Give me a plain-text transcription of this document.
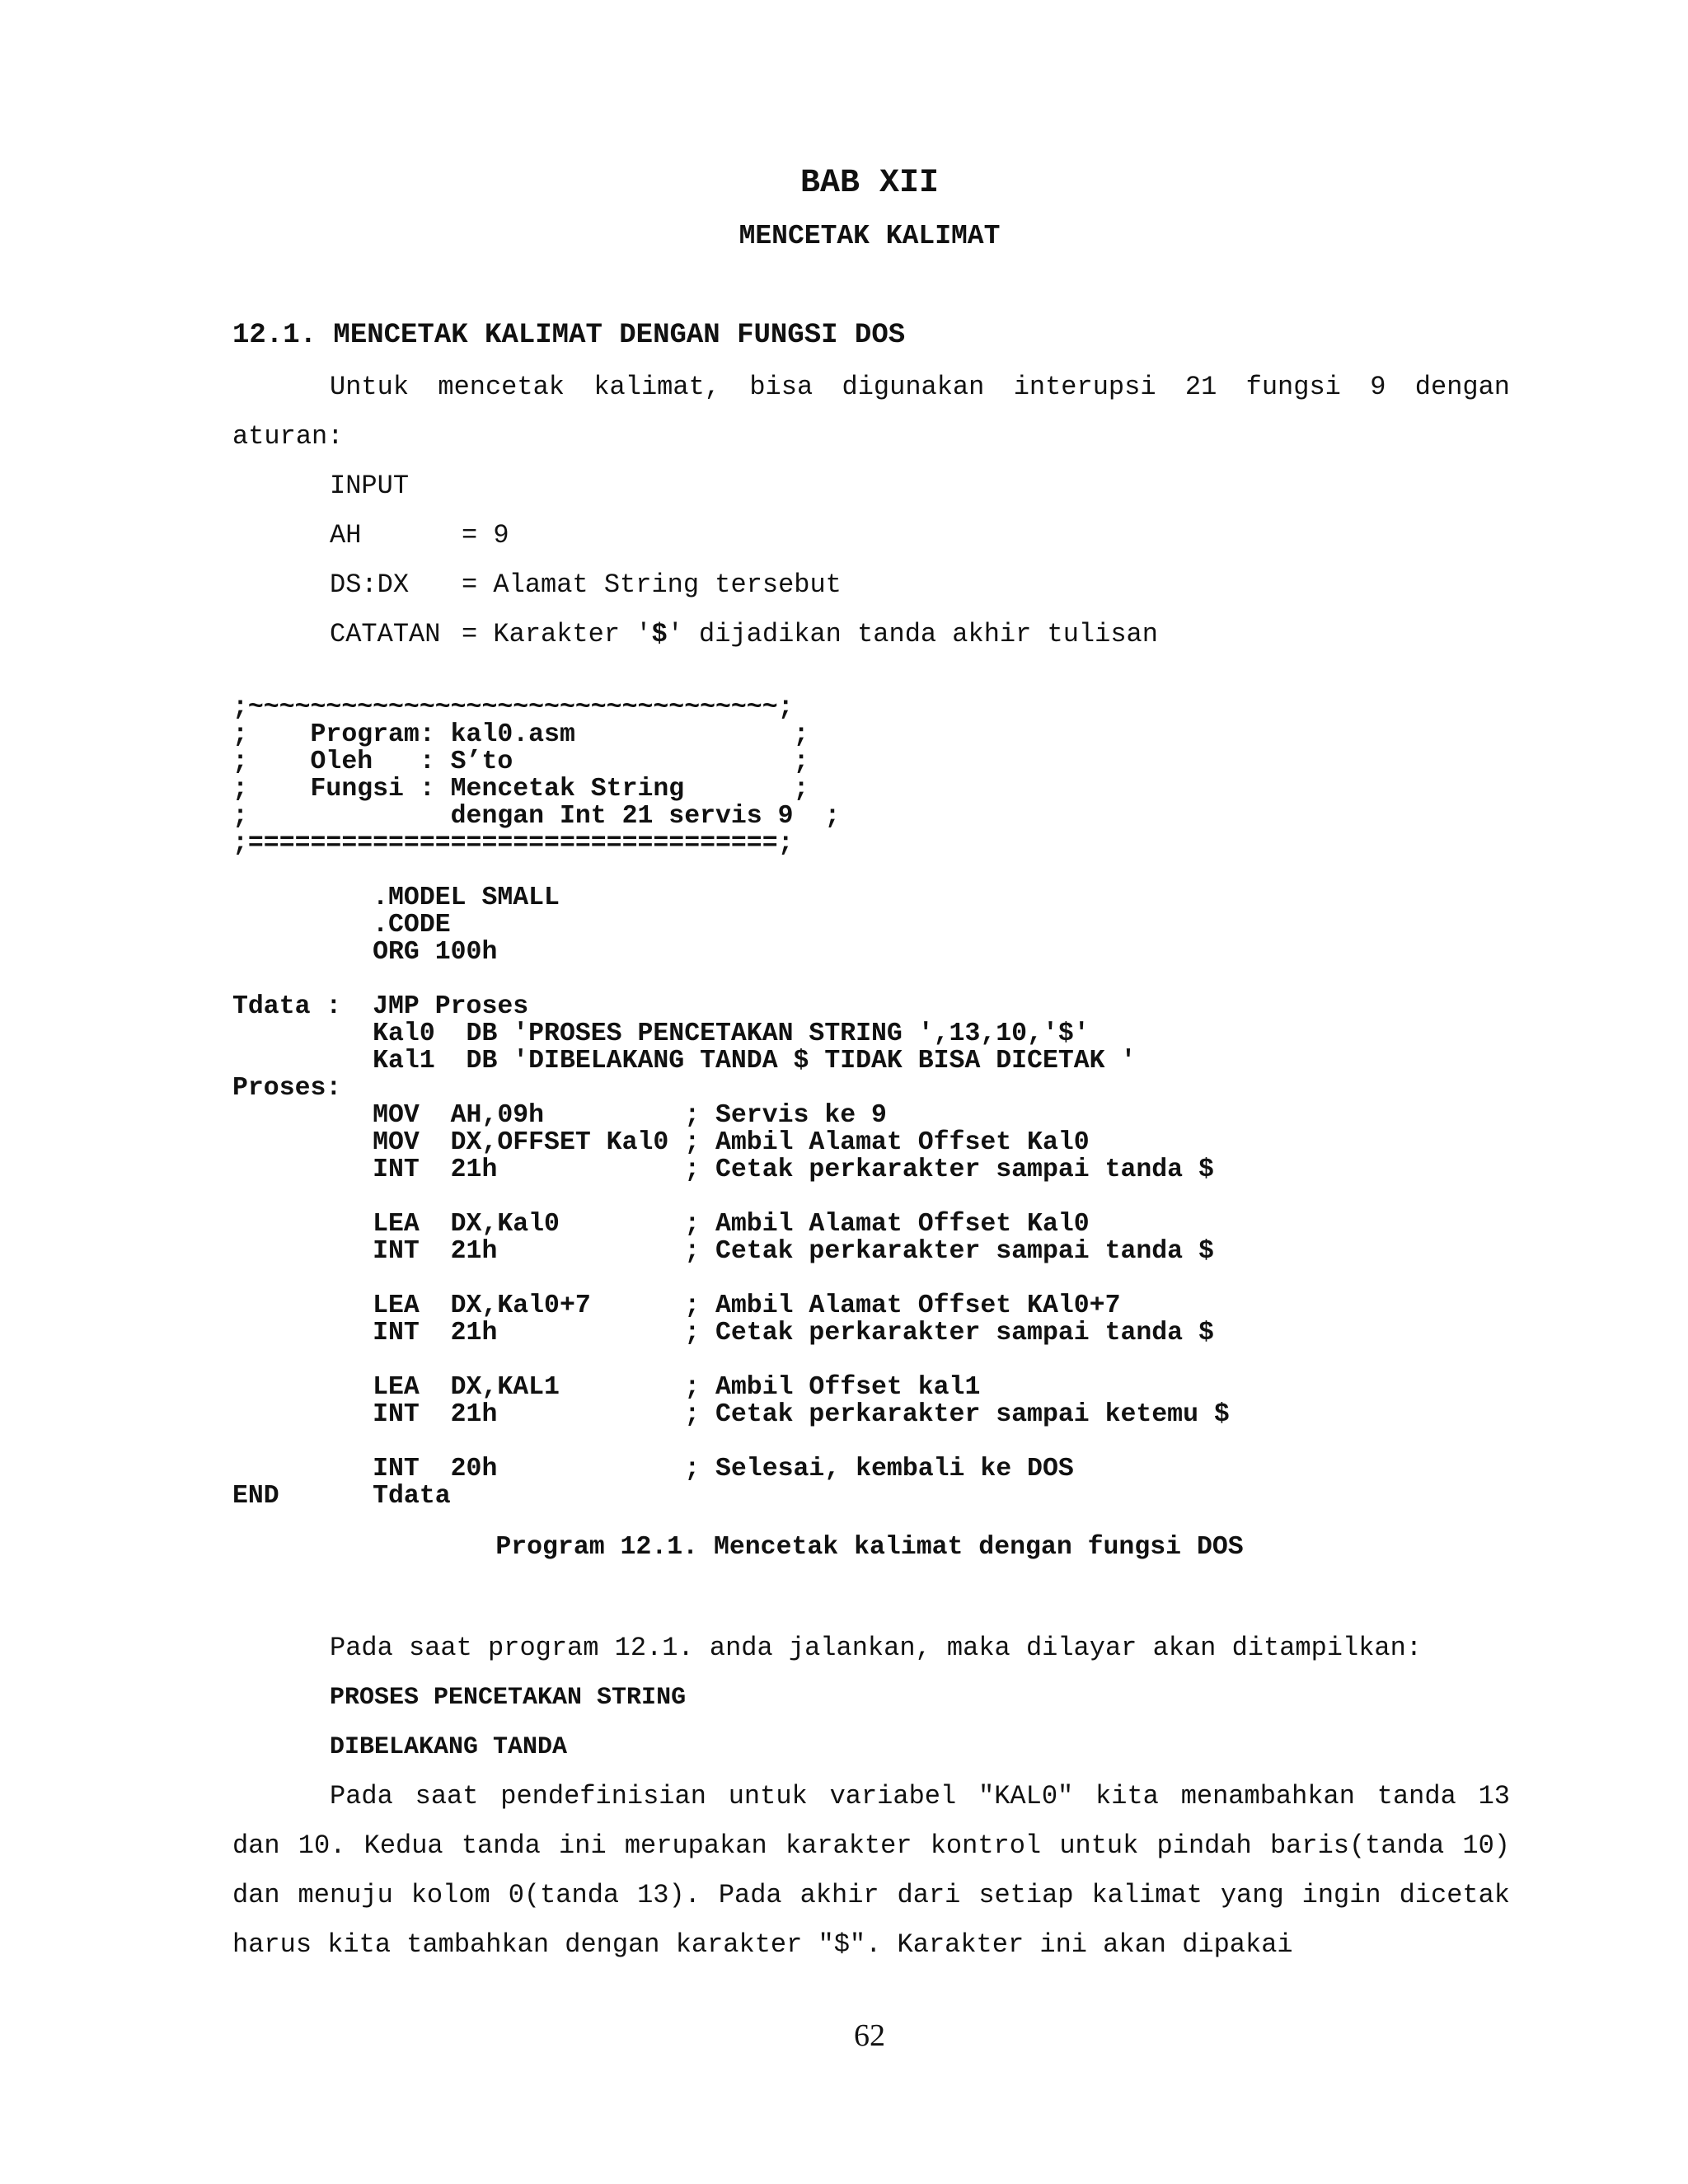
BAB XII
MENCETAK KALIMAT
12.1. MENCETAK KALIMAT DENGAN FUNGSI DOS

Untuk mencetak kalimat, bisa digunakan interupsi 21 fungsi 9 dengan

aturan:

INPUT
AH	= 9
DS:DX = Alamat String tersebut
CATATAN = Karakter '$' dijadikan tanda akhir tulisan
;~~~~~~~~~~~~~~~~~~~~~~~~~~~~~~~~~~;
;    Program: kal0.asm              ;
;    Oleh   : S’to                  ;
;    Fungsi : Mencetak String       ;
;             dengan Int 21 servis 9  ;
;==================================;
.MODEL SMALL
.CODE
ORG 100h
Tdata :  JMP Proses
Kal0  DB 'PROSES PENCETAKAN STRING ',13,10,'$'
Kal1  DB 'DIBELAKANG TANDA $ TIDAK BISA DICETAK '
Proses:
MOV  AH,09h         ; Servis ke 9
MOV  DX,OFFSET Kal0 ; Ambil Alamat Offset Kal0
INT  21h            ; Cetak perkarakter sampai tanda $
LEA  DX,Kal0        ; Ambil Alamat Offset Kal0
INT  21h            ; Cetak perkarakter sampai tanda $
LEA  DX,Kal0+7      ; Ambil Alamat Offset KAl0+7
INT  21h            ; Cetak perkarakter sampai tanda $
LEA  DX,KAL1        ; Ambil Offset kal1
INT  21h            ; Cetak perkarakter sampai ketemu $
INT  20h            ; Selesai, kembali ke DOS
END      Tdata
Program 12.1. Mencetak kalimat dengan fungsi DOS

Pada saat program 12.1. anda jalankan, maka dilayar akan ditampilkan:

PROSES PENCETAKAN STRING
DIBELAKANG TANDA

Pada saat pendefinisian untuk variabel "KAL0" kita menambahkan tanda 13 dan 10. Kedua tanda ini merupakan karakter kontrol untuk pindah baris(tanda 10) dan menuju kolom 0(tanda 13). Pada akhir dari setiap kalimat yang ingin dicetak harus kita tambahkan dengan karakter "$". Karakter ini akan dipakai

62
